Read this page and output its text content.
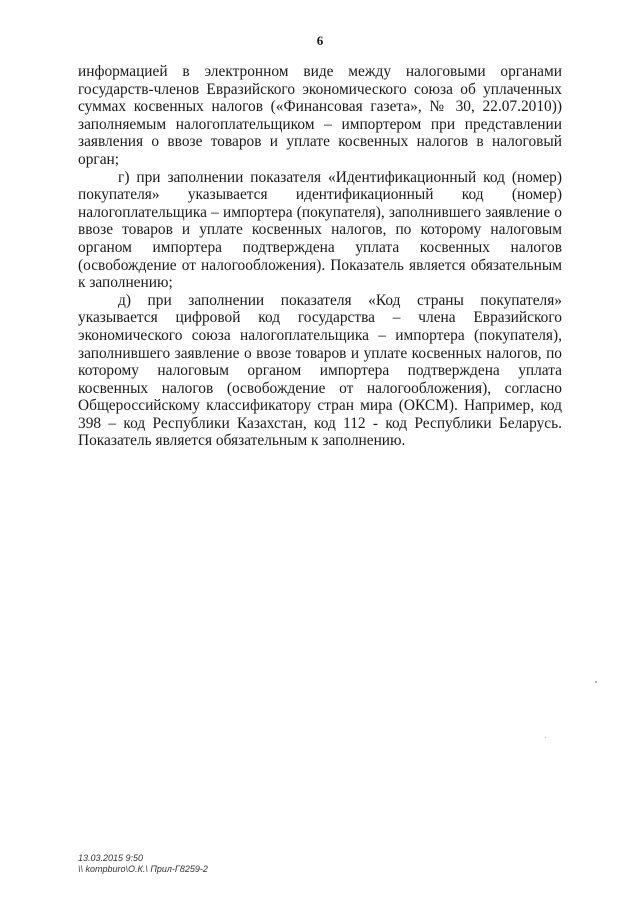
6

информацией в электронном виде между налоговыми органами государств-членов Евразийского экономического союза об уплаченных суммах косвенных налогов («Финансовая газета», № 30, 22.07.2010)) заполняемым налогоплательщиком – импортером при представлении заявления о ввозе товаров и уплате косвенных налогов в налоговый орган;

г) при заполнении показателя «Идентификационный код (номер) покупателя» указывается идентификационный код (номер) налогоплательщика – импортера (покупателя), заполнившего заявление о ввозе товаров и уплате косвенных налогов, по которому налоговым органом импортера подтверждена уплата косвенных налогов (освобождение от налогообложения). Показатель является обязательным к заполнению;

д) при заполнении показателя «Код страны покупателя» указывается цифровой код государства – члена Евразийского экономического союза налогоплательщика – импортера (покупателя), заполнившего заявление о ввозе товаров и уплате косвенных налогов, по которому налоговым органом импортера подтверждена уплата косвенных налогов (освобождение от налогообложения), согласно Общероссийскому классификатору стран мира (ОКСМ). Например, код 398 – код Республики Казахстан, код 112 - код Республики Беларусь. Показатель является обязательным к заполнению.

13.03.2015 9:50
\\ kompburo\О.К.\ Прил-Г8259-2
